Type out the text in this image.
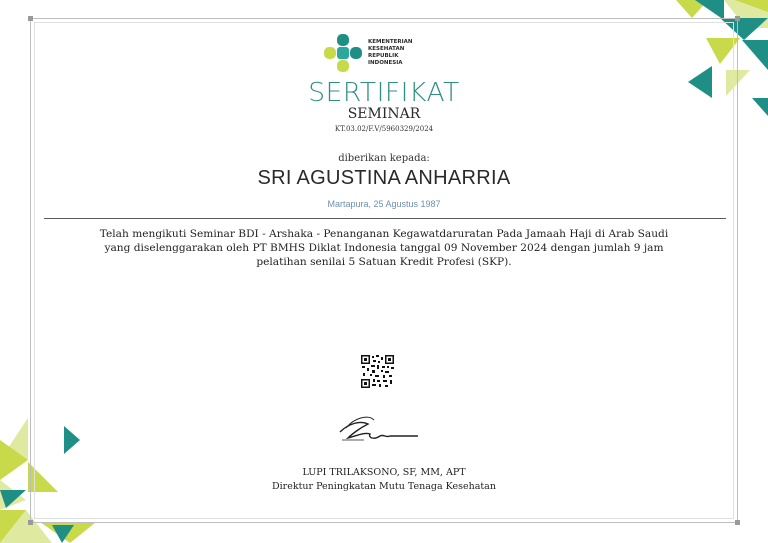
KEMENTERIAN
KESEHATAN
REPUBLIK
INDONESIA
SERTIFIKAT
SEMINAR
KT.03.02/F.V/5960329/2024
diberikan kepada:
SRI AGUSTINA ANHARRIA
Martapura, 25 Agustus 1987
Telah mengikuti Seminar BDI - Arshaka - Penanganan Kegawatdaruratan Pada Jamaah Haji di Arab Saudi
yang diselenggarakan oleh PT BMHS Diklat Indonesia tanggal 09 November 2024 dengan jumlah 9 jam
pelatihan senilai 5 Satuan Kredit Profesi (SKP).
LUPI TRILAKSONO, SF, MM, APT
Direktur Peningkatan Mutu Tenaga Kesehatan
